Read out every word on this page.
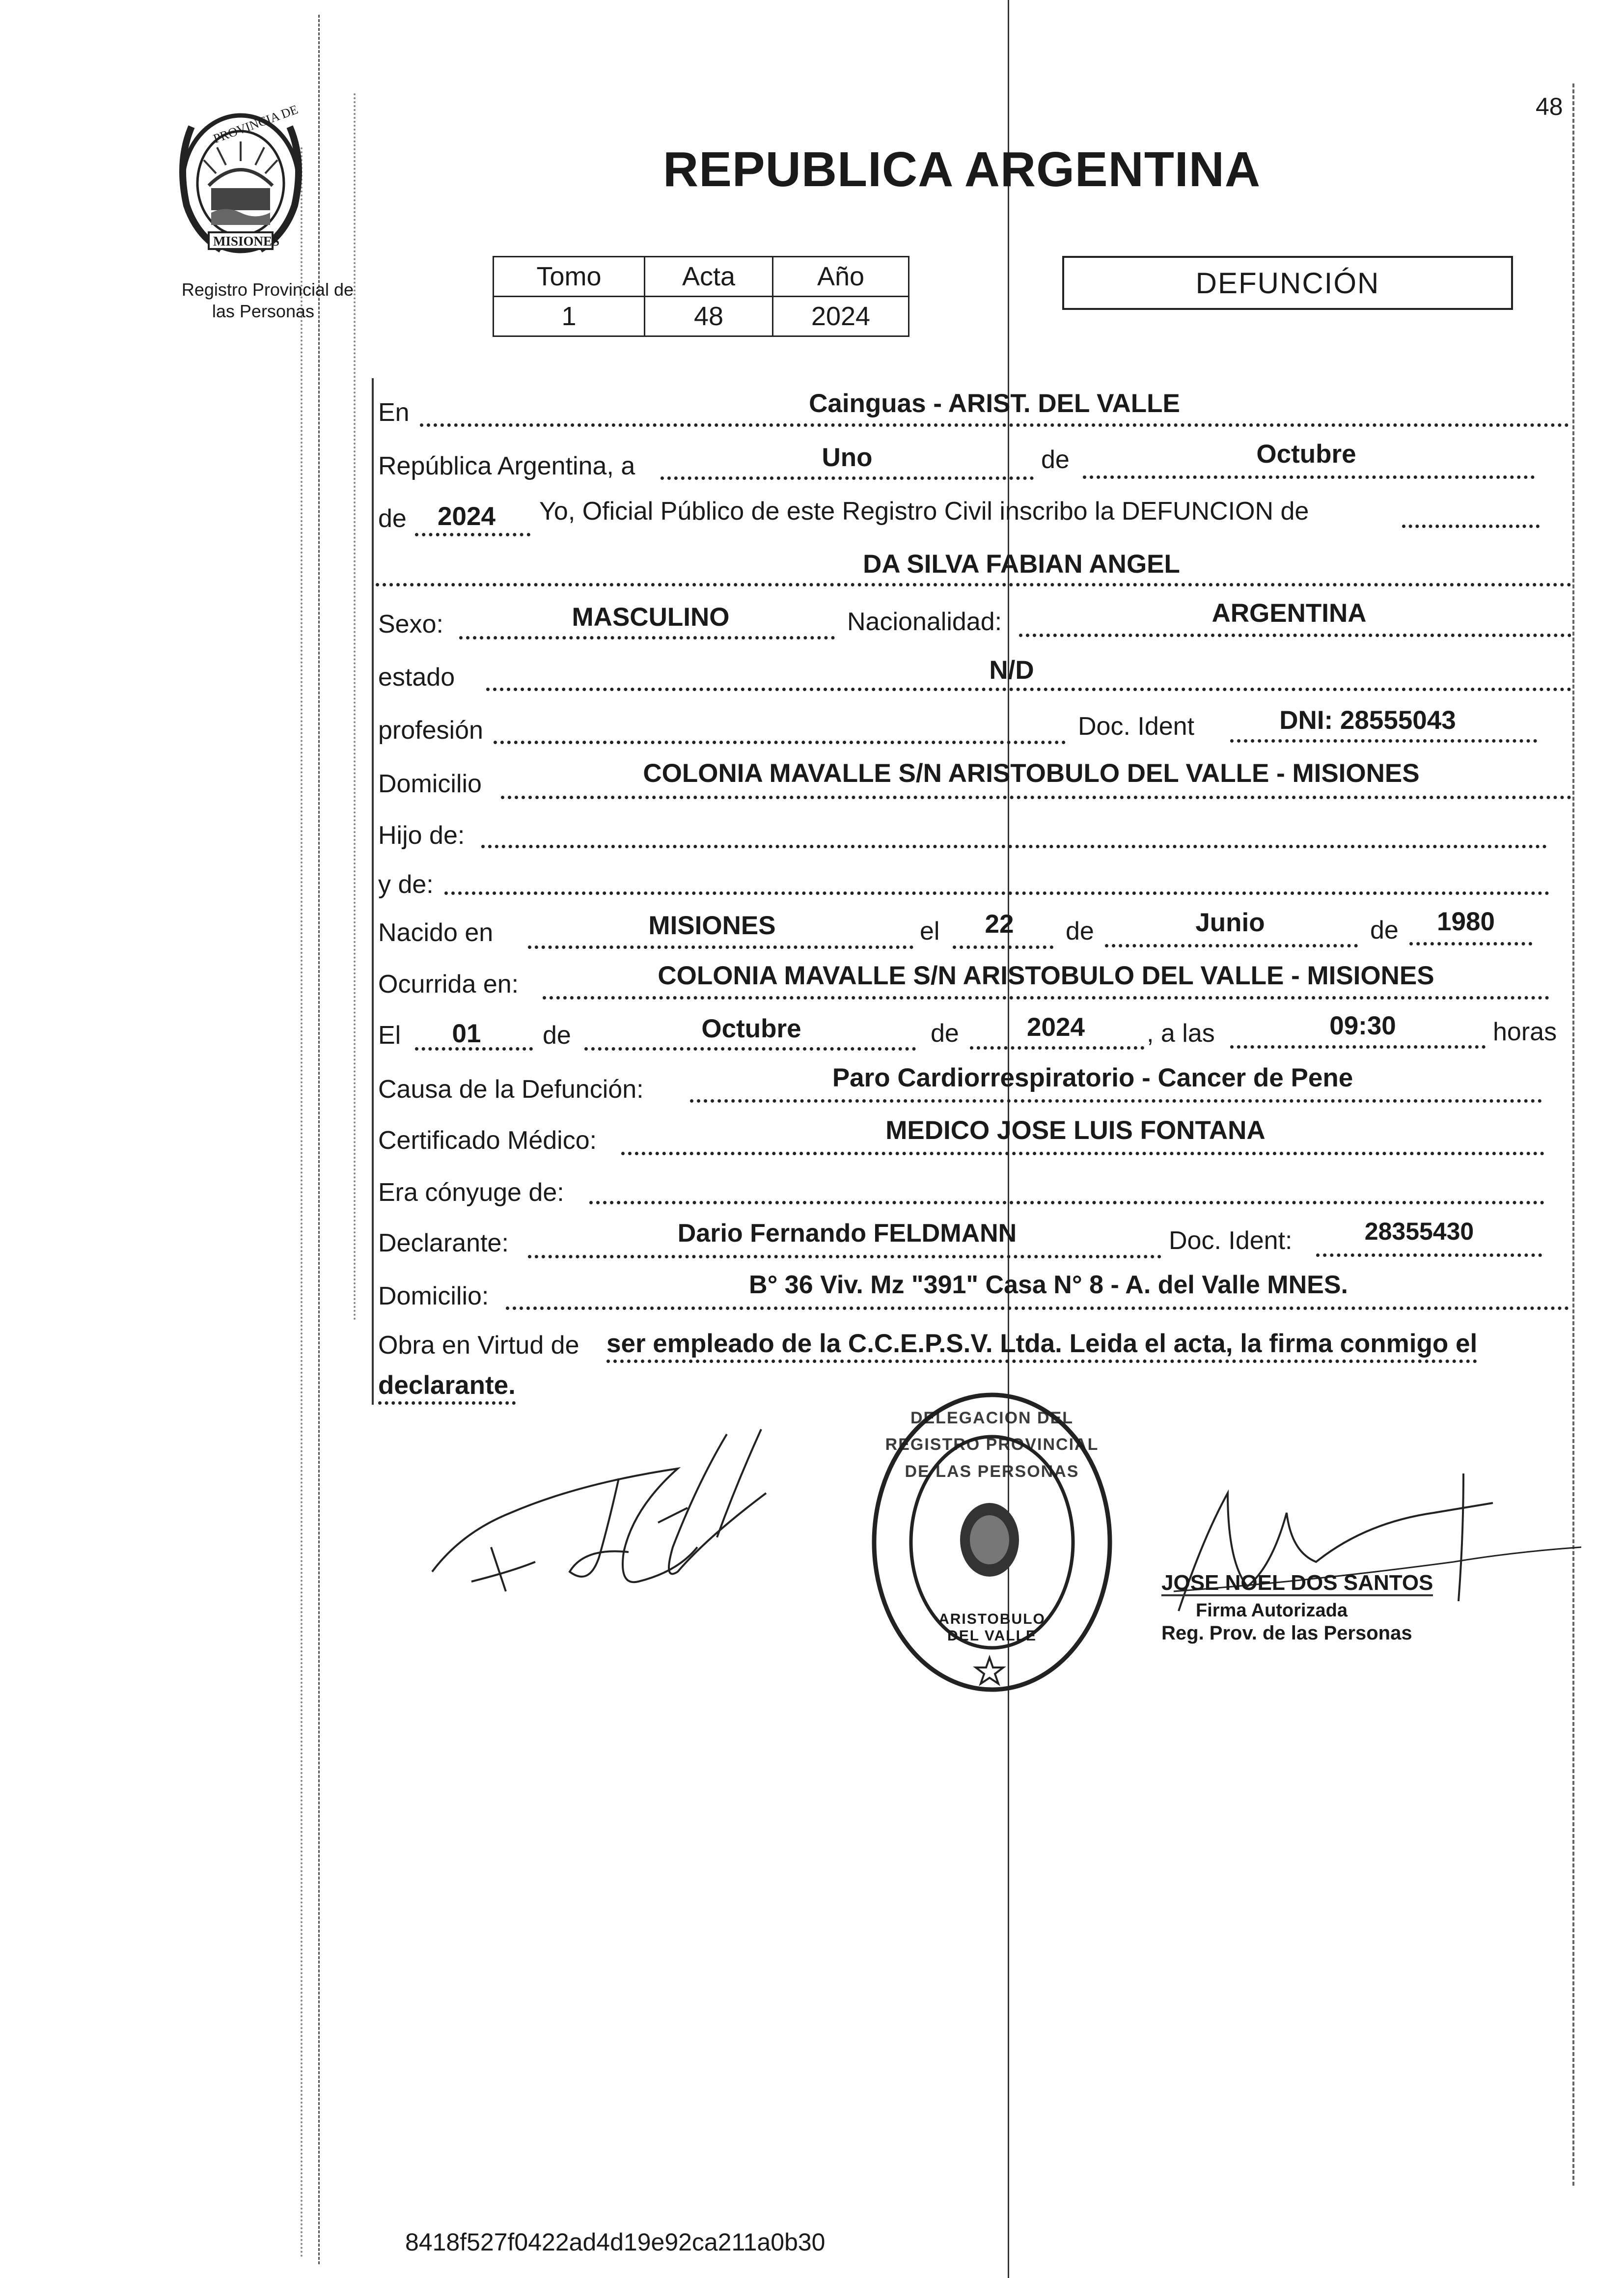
48
PROVINCIA DE
MISIONES
Registro Provincial de
las Personas
REPUBLICA ARGENTINA
Tomo	Acta	Año
1	48	2024
DEFUNCIÓN
En	Cainguas - ARIST. DEL VALLE
República Argentina, a	Uno	de	Octubre
de	2024	Yo, Oficial Público de este Registro Civil inscribo la DEFUNCION de
DA SILVA FABIAN ANGEL
Sexo:	MASCULINO	Nacionalidad:	ARGENTINA
estado	N/D
profesión	Doc. Ident	DNI: 28555043
Domicilio	COLONIA MAVALLE S/N ARISTOBULO DEL VALLE - MISIONES
Hijo de:
y de:
Nacido en	MISIONES	el	22	de	Junio	de	1980
Ocurrida en:	COLONIA MAVALLE S/N ARISTOBULO DEL VALLE - MISIONES
El	01	de	Octubre	de	2024	, a las	09:30	horas
Causa de la Defunción:	Paro Cardiorrespiratorio - Cancer de Pene
Certificado Médico:	MEDICO JOSE LUIS FONTANA
Era cónyuge de:
Declarante:	Dario Fernando FELDMANN	Doc. Ident:	28355430
Domicilio:	B° 36 Viv. Mz "391" Casa N° 8 - A. del Valle MNES.
Obra en Virtud de ser empleado de la C.C.E.P.S.V. Ltda. Leida el acta, la firma conmigo el
declarante.
DELEGACION DEL REGISTRO PROVINCIAL DE LAS PERSONAS
ARISTOBULO DEL VALLE
JOSE NOEL DOS SANTOS
Firma Autorizada
Reg. Prov. de las Personas
8418f527f0422ad4d19e92ca211a0b30
